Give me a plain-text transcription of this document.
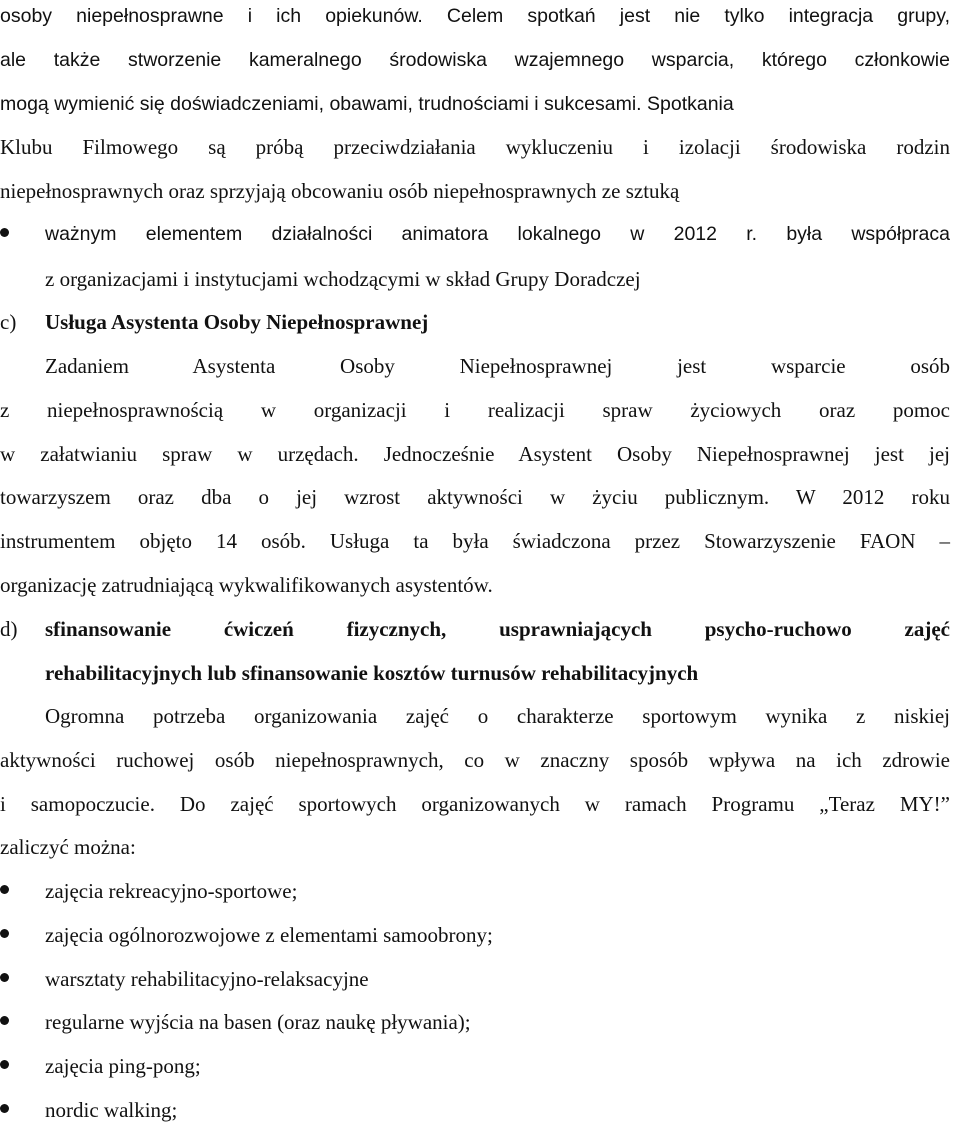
osoby niepełnosprawne i ich opiekunów. Celem spotkań jest nie tylko integracja grupy,
ale także stworzenie kameralnego środowiska wzajemnego wsparcia, którego członkowie
mogą wymienić się doświadczeniami, obawami, trudnościami i sukcesami. Spotkania
Klubu Filmowego są próbą przeciwdziałania wykluczeniu i izolacji środowiska rodzin
niepełnosprawnych oraz sprzyjają obcowaniu osób niepełnosprawnych ze sztuką
ważnym elementem działalności animatora lokalnego w 2012 r. była współpraca
z organizacjami i instytucjami wchodzącymi w skład Grupy Doradczej
c) Usługa Asystenta Osoby Niepełnosprawnej
Zadaniem Asystenta Osoby Niepełnosprawnej jest wsparcie osób
z niepełnosprawnością w organizacji i realizacji spraw życiowych oraz pomoc
w załatwianiu spraw w urzędach. Jednocześnie Asystent Osoby Niepełnosprawnej jest jej
towarzyszem oraz dba o jej wzrost aktywności w życiu publicznym. W 2012 roku
instrumentem objęto 14 osób. Usługa ta była świadczona przez Stowarzyszenie FAON –
organizację zatrudniającą wykwalifikowanych asystentów.
d) sfinansowanie ćwiczeń fizycznych, usprawniających psycho-ruchowo zajęć
rehabilitacyjnych lub sfinansowanie kosztów turnusów rehabilitacyjnych
Ogromna potrzeba organizowania zajęć o charakterze sportowym wynika z niskiej
aktywności ruchowej osób niepełnosprawnych, co w znaczny sposób wpływa na ich zdrowie
i samopoczucie. Do zajęć sportowych organizowanych w ramach Programu „Teraz MY!”
zaliczyć można:
zajęcia rekreacyjno-sportowe;
zajęcia ogólnorozwojowe z elementami samoobrony;
warsztaty rehabilitacyjno-relaksacyjne
regularne wyjścia na basen (oraz naukę pływania);
zajęcia ping-pong;
nordic walking;
